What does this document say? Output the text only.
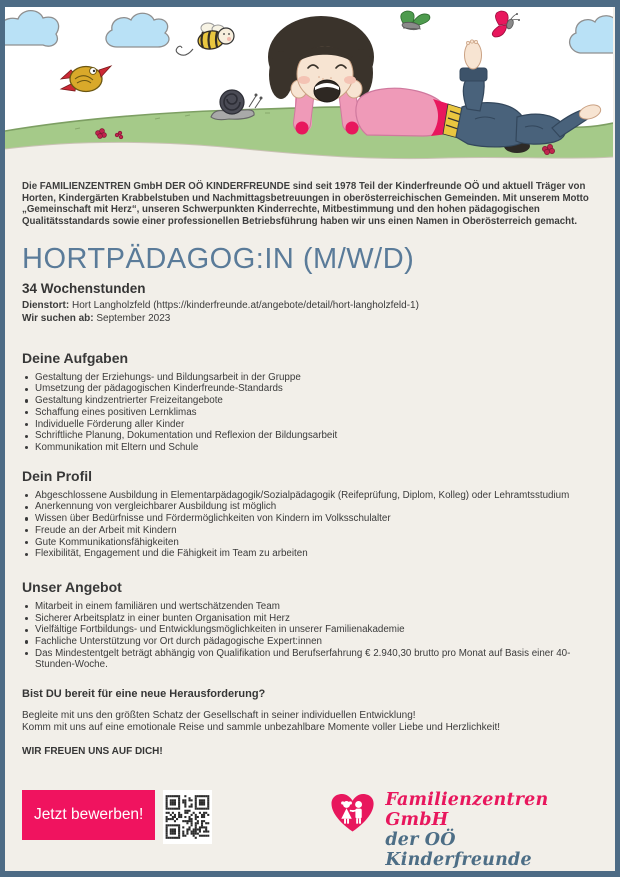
Die FAMILIENZENTREN GmbH DER OÖ KINDERFREUNDE sind seit 1978 Teil der Kinderfreunde OÖ und aktuell Träger von Horten, Kindergärten Krabbelstuben und Nachmittagsbetreuungen in oberösterreichischen Gemeinden. Mit unserem Motto „Gemeinschaft mit Herz“, unseren Schwerpunkten Kinderrechte, Mitbestimmung und den hohen pädagogischen Qualitätsstandards sowie einer professionellen Betriebsführung haben wir uns einen Namen in Oberösterreich gemacht.

HORTPÄDAGOG:IN (M/W/D)
34 Wochenstunden
Dienstort: Hort Langholzfeld (https://kinderfreunde.at/angebote/detail/hort-langholzfeld-1)
Wir suchen ab: September 2023
Deine Aufgaben
Gestaltung der Erziehungs- und Bildungsarbeit in der Gruppe
Umsetzung der pädagogischen Kinderfreunde-Standards
Gestaltung kindzentrierter Freizeitangebote
Schaffung eines positiven Lernklimas
Individuelle Förderung aller Kinder
Schriftliche Planung, Dokumentation und Reflexion der Bildungsarbeit
Kommunikation mit Eltern und Schule
Dein Profil
Abgeschlossene Ausbildung in Elementarpädagogik/Sozialpädagogik (Reifeprüfung, Diplom, Kolleg) oder Lehramtsstudium
Anerkennung von vergleichbarer Ausbildung ist möglich
Wissen über Bedürfnisse und Fördermöglichkeiten von Kindern im Volksschulalter
Freude an der Arbeit mit Kindern
Gute Kommunikationsfähigkeiten
Flexibilität, Engagement und die Fähigkeit im Team zu arbeiten
Unser Angebot
Mitarbeit in einem familiären und wertschätzenden Team
Sicherer Arbeitsplatz in einer bunten Organisation mit Herz
Vielfältige Fortbildungs- und Entwicklungsmöglichkeiten in unserer Familienakademie
Fachliche Unterstützung vor Ort durch pädagogische Expert:innen
Das Mindestentgelt beträgt abhängig von Qualifikation und Berufserfahrung € 2.940,30 brutto pro Monat auf Basis einer 40-Stunden-Woche.
Bist DU bereit für eine neue Herausforderung?
Begleite mit uns den größten Schatz der Gesellschaft in seiner individuellen Entwicklung!
Komm mit uns auf eine emotionale Reise und sammle unbezahlbare Momente voller Liebe und Herzlichkeit!
WIR FREUEN UNS AUF DICH!
Jetzt bewerben!
Familienzentren GmbH
der OÖ Kinderfreunde
